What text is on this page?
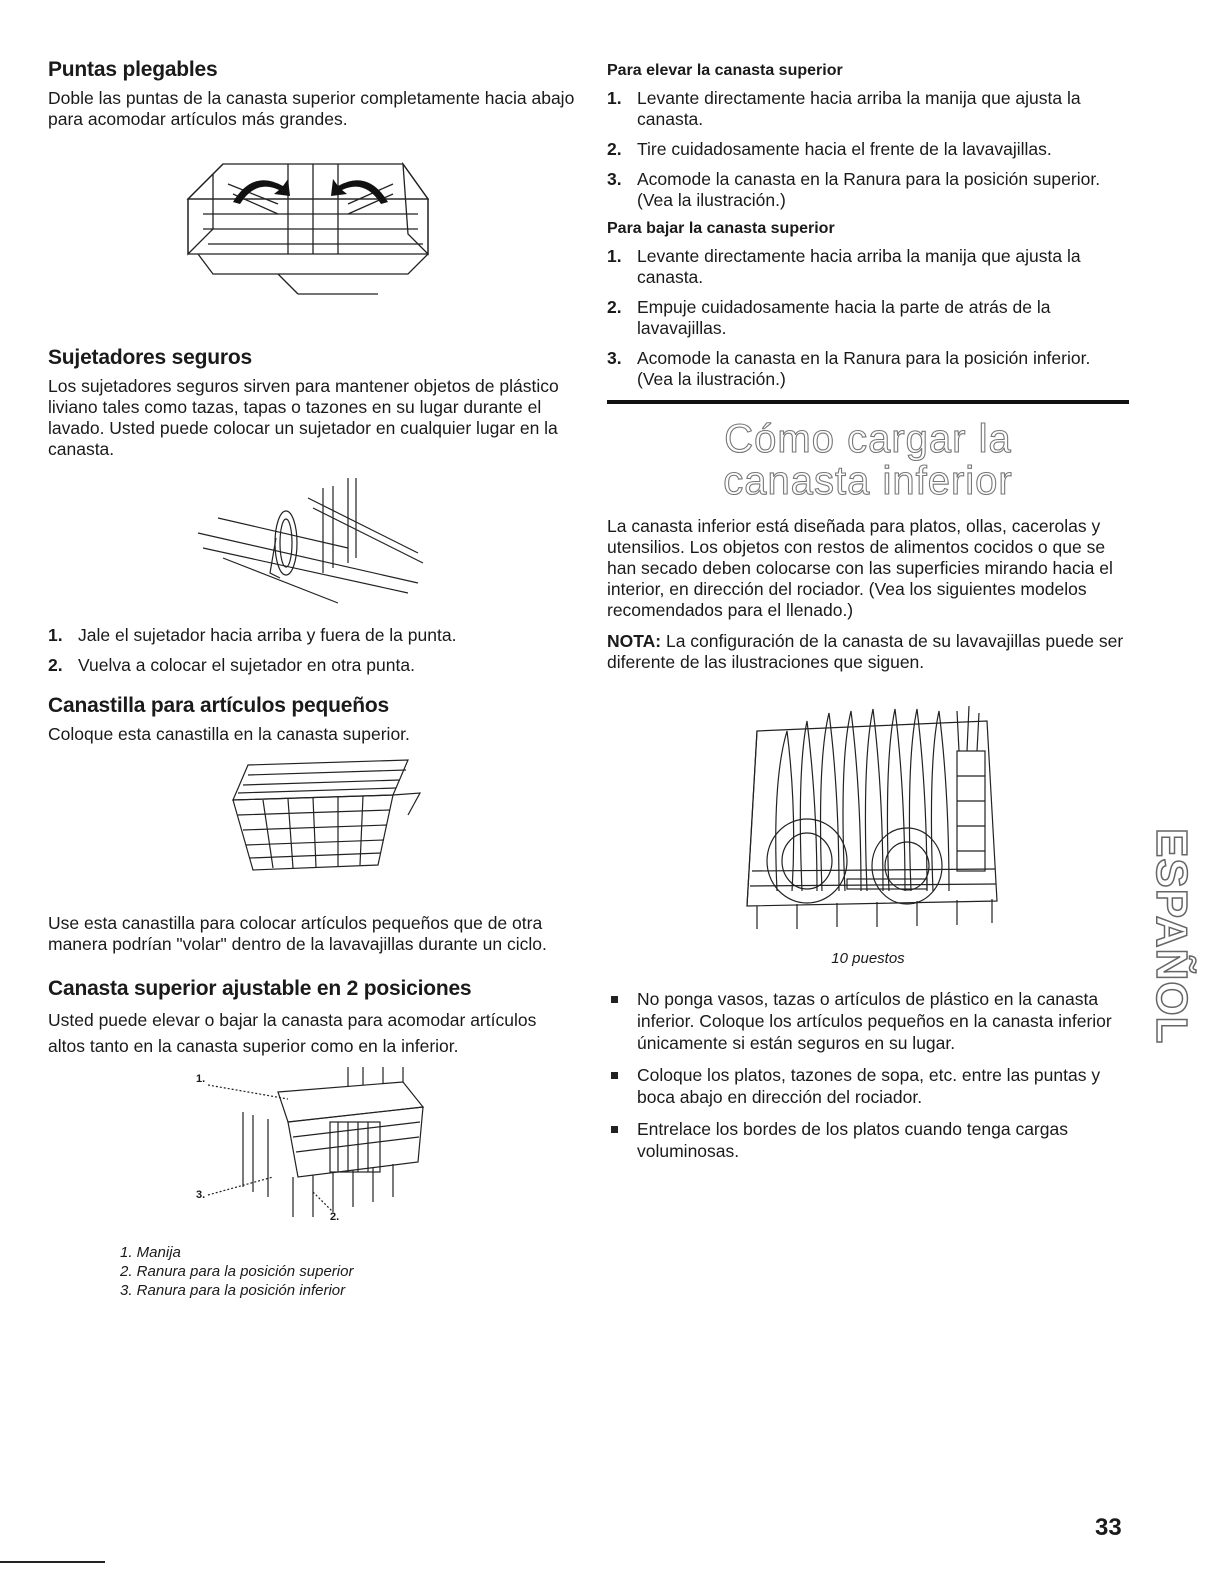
Puntas plegables

Doble las puntas de la canasta superior completamente hacia abajo para acomodar artículos más grandes.

Sujetadores seguros

Los sujetadores seguros sirven para mantener objetos de plástico liviano tales como tazas, tapas o tazones en su lugar durante el lavado. Usted puede colocar un sujetador en cualquier lugar en la canasta.

1. Jale el sujetador hacia arriba y fuera de la punta.
2. Vuelva a colocar el sujetador en otra punta.
Canastilla para artículos pequeños

Coloque esta canastilla en la canasta superior.

Use esta canastilla para colocar artículos pequeños que de otra manera podrían "volar" dentro de la lavavajillas durante un ciclo.

Canasta superior ajustable en 2 posiciones

Usted puede elevar o bajar la canasta para acomodar artículos altos tanto en la canasta superior como en la inferior.

1.
2.
3.
1. Manija
2. Ranura para la posición superior
3. Ranura para la posición inferior
Para elevar la canasta superior
1. Levante directamente hacia arriba la manija que ajusta la canasta.
2. Tire cuidadosamente hacia el frente de la lavavajillas.
3. Acomode la canasta en la Ranura para la posición superior. (Vea la ilustración.)
Para bajar la canasta superior
1. Levante directamente hacia arriba la manija que ajusta la canasta.
2. Empuje cuidadosamente hacia la parte de atrás de la lavavajillas.
3. Acomode la canasta en la Ranura para la posición inferior. (Vea la ilustración.)
Cómo cargar la
canasta inferior

La canasta inferior está diseñada para platos, ollas, cacerolas y utensilios. Los objetos con restos de alimentos cocidos o que se han secado deben colocarse con las superficies mirando hacia el interior, en dirección del rociador. (Vea los siguientes modelos recomendados para el llenado.)

NOTA: La configuración de la canasta de su lavavajillas puede ser diferente de las ilustraciones que siguen.

10 puestos
No ponga vasos, tazas o artículos de plástico en la canasta inferior. Coloque los artículos pequeños en la canasta inferior únicamente si están seguros en su lugar.
Coloque los platos, tazones de sopa, etc. entre las puntas y boca abajo en dirección del rociador.
Entrelace los bordes de los platos cuando tenga cargas voluminosas.
ESPAÑOL
33
